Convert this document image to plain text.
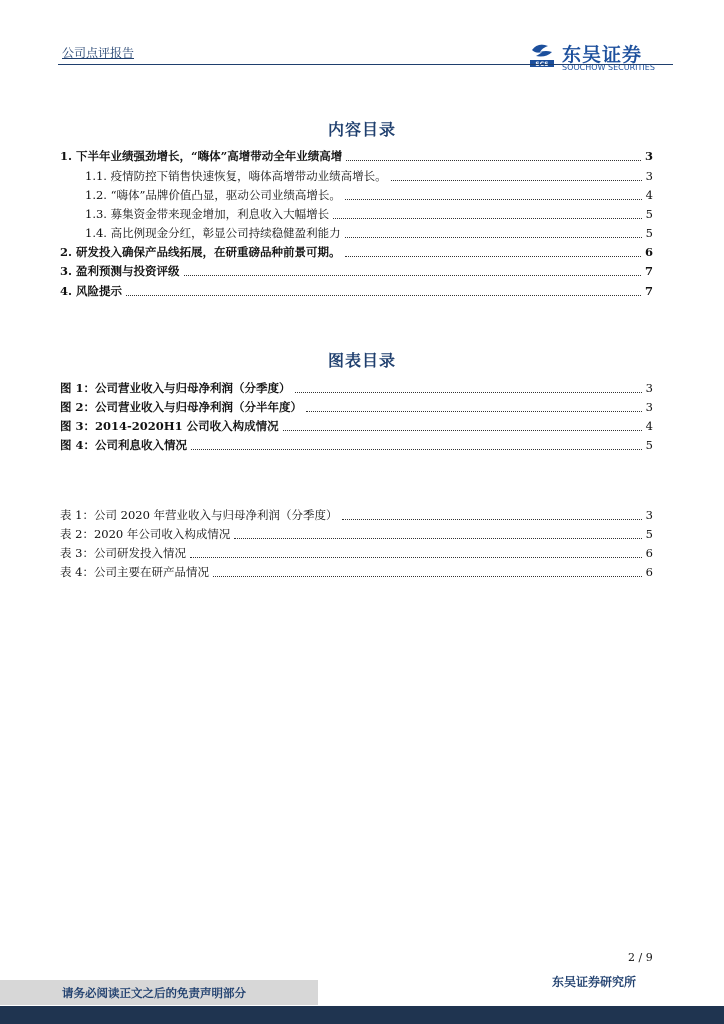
公司点评报告
SCS 东吴证券
SOOCHOW SECURITIES
内容目录
1. 下半年业绩强劲增长，“嗨体”高增带动全年业绩高增	3
1.1. 疫情防控下销售快速恢复，嗨体高增带动业绩高增长。	3
1.2. “嗨体”品牌价值凸显，驱动公司业绩高增长。	4
1.3. 募集资金带来现金增加，利息收入大幅增长	5
1.4. 高比例现金分红，彰显公司持续稳健盈利能力	5
2. 研发投入确保产品线拓展，在研重磅品种前景可期。	6
3. 盈利预测与投资评级	7
4. 风险提示	7
图表目录
图 1：公司营业收入与归母净利润（分季度）	3
图 2：公司营业收入与归母净利润（分半年度）	3
图 3：2014-2020H1 公司收入构成情况	4
图 4：公司利息收入情况	5
表 1：公司 2020 年营业收入与归母净利润（分季度）	3
表 2：2020 年公司收入构成情况	5
表 3：公司研发投入情况	6
表 4：公司主要在研产品情况	6
2 / 9
请务必阅读正文之后的免责声明部分
东吴证券研究所
